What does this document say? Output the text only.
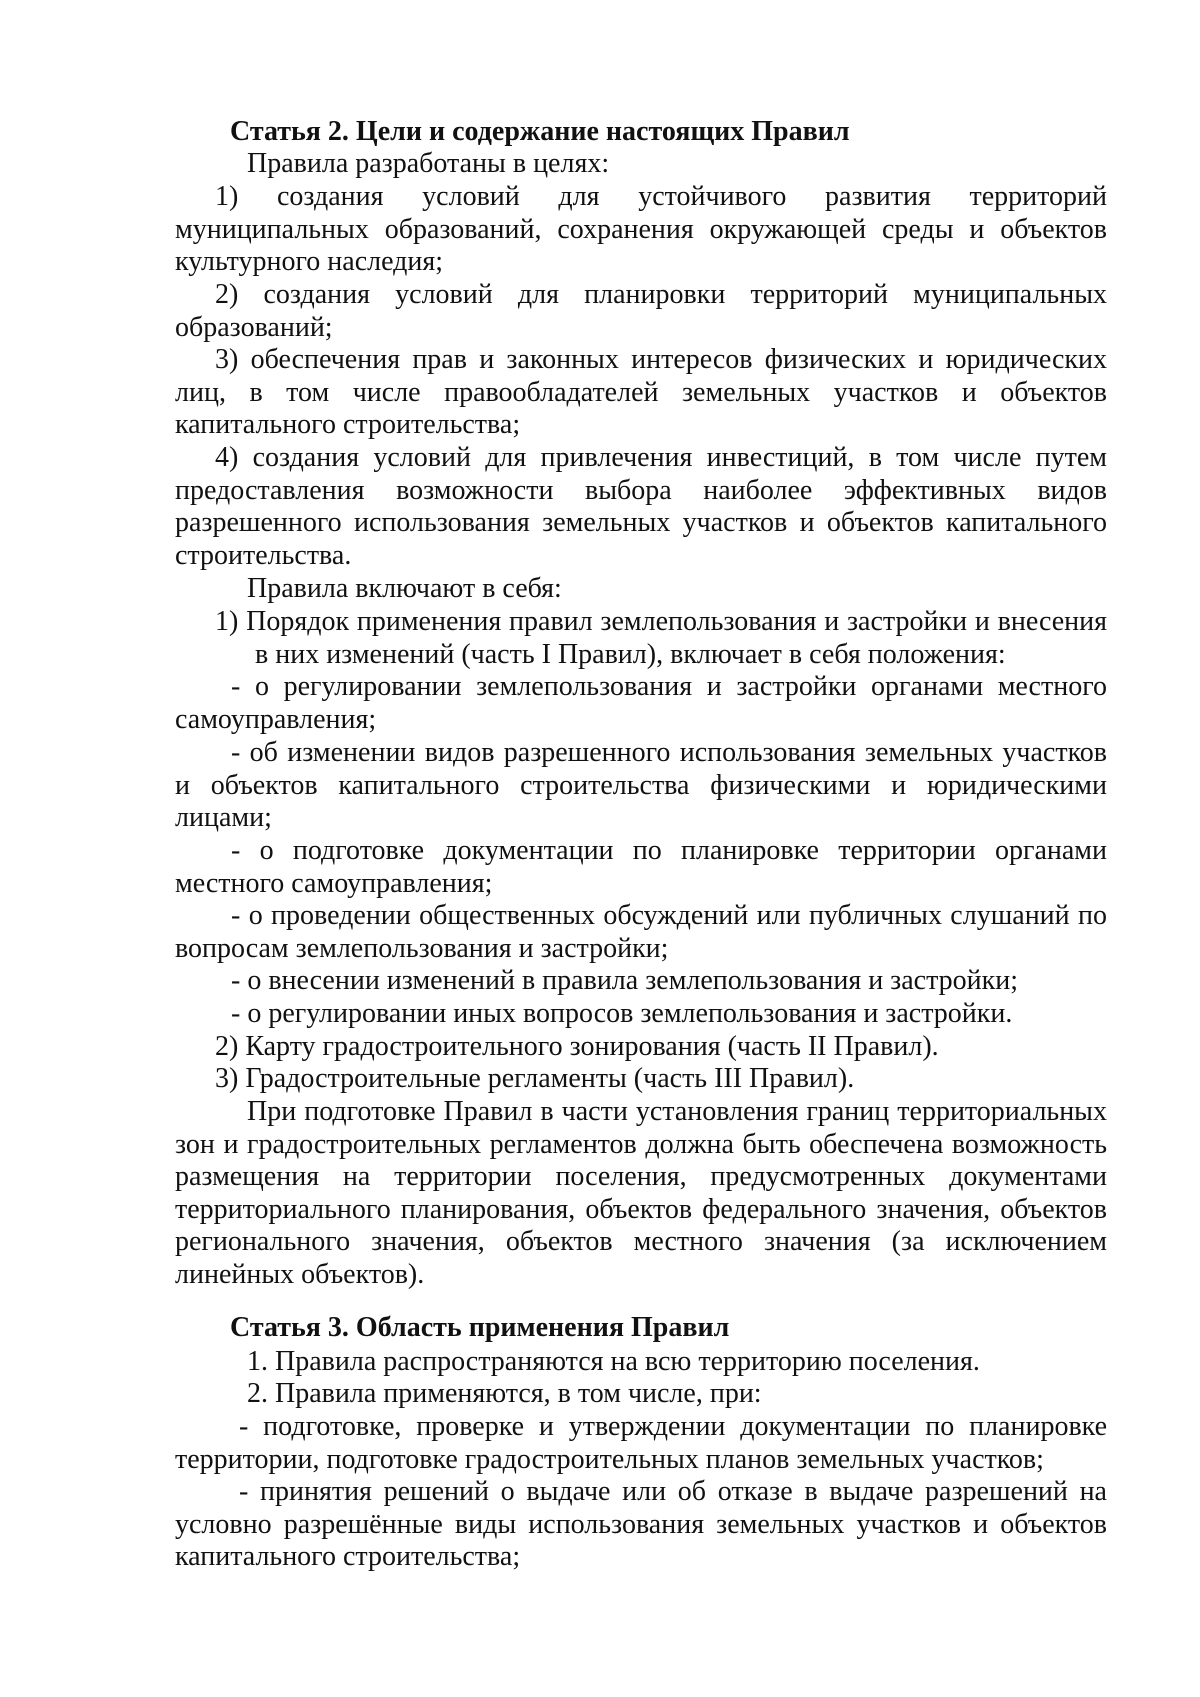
Статья 2. Цели и содержание настоящих Правил

Правила разработаны в целях:

1) создания условий для устойчивого развития территорий муниципальных образований, сохранения окружающей среды и объектов культурного наследия;

2) создания условий для планировки территорий муниципальных образований;

3) обеспечения прав и законных интересов физических и юридических лиц, в том числе правообладателей земельных участков и объектов капитального строительства;

4) создания условий для привлечения инвестиций, в том числе путем предоставления возможности выбора наиболее эффективных видов разрешенного использования земельных участков и объектов капитального строительства.

Правила включают в себя:

1) Порядок применения правил землепользования и застройки и внесения в них изменений (часть I Правил), включает в себя положения:

- о регулировании землепользования и застройки органами местного самоуправления;

- об изменении видов разрешенного использования земельных участков и объектов капитального строительства физическими и юридическими лицами;

- о подготовке документации по планировке территории органами местного самоуправления;

- о проведении общественных обсуждений или публичных слушаний по вопросам землепользования и застройки;

- о внесении изменений в правила землепользования и застройки;

- о регулировании иных вопросов землепользования и застройки.

2) Карту градостроительного зонирования (часть II Правил).

3) Градостроительные регламенты (часть III Правил).

При подготовке Правил в части установления границ территориальных зон и градостроительных регламентов должна быть обеспечена возможность размещения на территории поселения, предусмотренных документами территориального планирования, объектов федерального значения, объектов регионального значения, объектов местного значения (за исключением линейных объектов).

Статья 3. Область применения Правил

1. Правила распространяются на всю территорию поселения.

2. Правила применяются, в том числе, при:

- подготовке, проверке и утверждении документации по планировке территории, подготовке градостроительных планов земельных участков;

- принятия решений о выдаче или об отказе в выдаче разрешений на условно разрешённые виды использования земельных участков и объектов капитального строительства;
